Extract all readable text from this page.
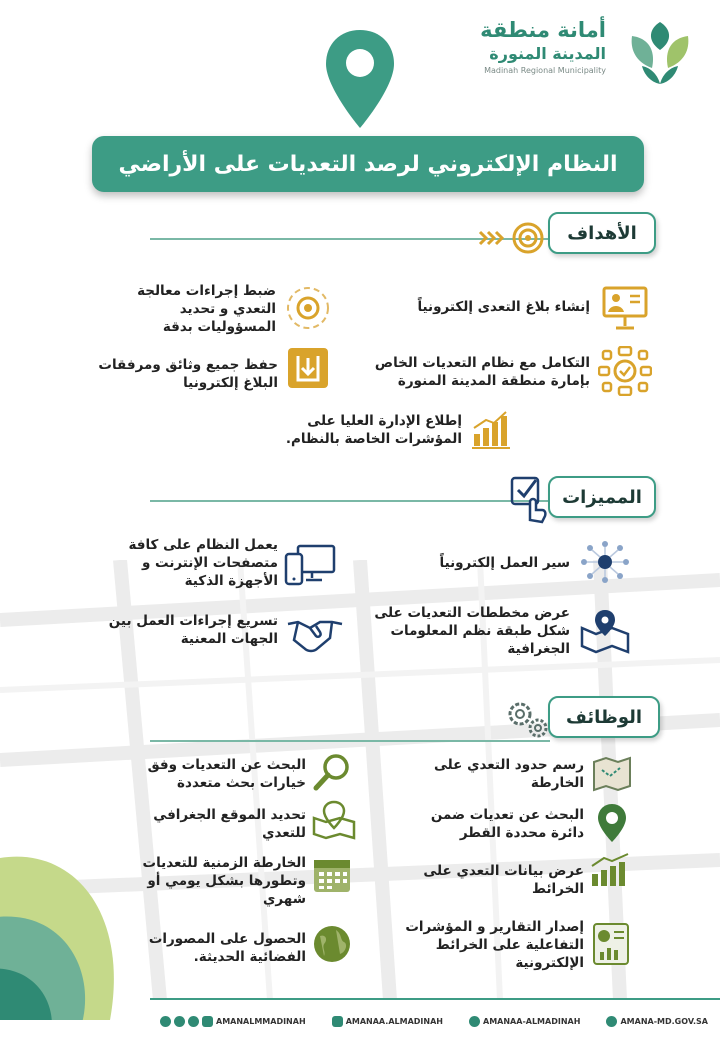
أمانة منطقة
المدينة المنورة
Madinah Regional Municipality
النظام الإلكتروني لرصد التعديات على الأراضي
الأهداف
إنشاء بلاغ التعدى إلكترونياً
ضبط إجراءات معالجة التعدي و تحديد المسؤوليات بدقة
التكامل مع نظام التعديات الخاص بإمارة منطقة المدينة المنورة
حفظ جميع وثائق ومرفقات البلاغ إلكترونيا
إطلاع الإدارة العليا على المؤشرات الخاصة بالنظام.
المميزات
سير العمل إلكترونياً
يعمل النظام على كافة متصفحات الإنترنت و الأجهزة الذكية
عرض مخططات التعديات على شكل طبقة نظم المعلومات الجغرافية
تسريع إجراءات العمل بين الجهات المعنية
الوظائف
رسم حدود التعدي على الخارطة
البحث عن التعديات وفق خيارات بحث متعددة
البحث عن تعديات ضمن دائرة محددة القطر
تحديد الموقع الجغرافي للتعدي
عرض بيانات التعدي على الخرائط
الخارطة الزمنية للتعديات وتطورها بشكل يومي أو شهري
إصدار التقارير و المؤشرات التفاعلية على الخرائط الإلكترونية
الحصول على المصورات الفضائية الحديثة.
AMANALMMADINAH	AMANAA.ALMADINAH	AMANAA-ALMADINAH	AMANA-MD.GOV.SA
